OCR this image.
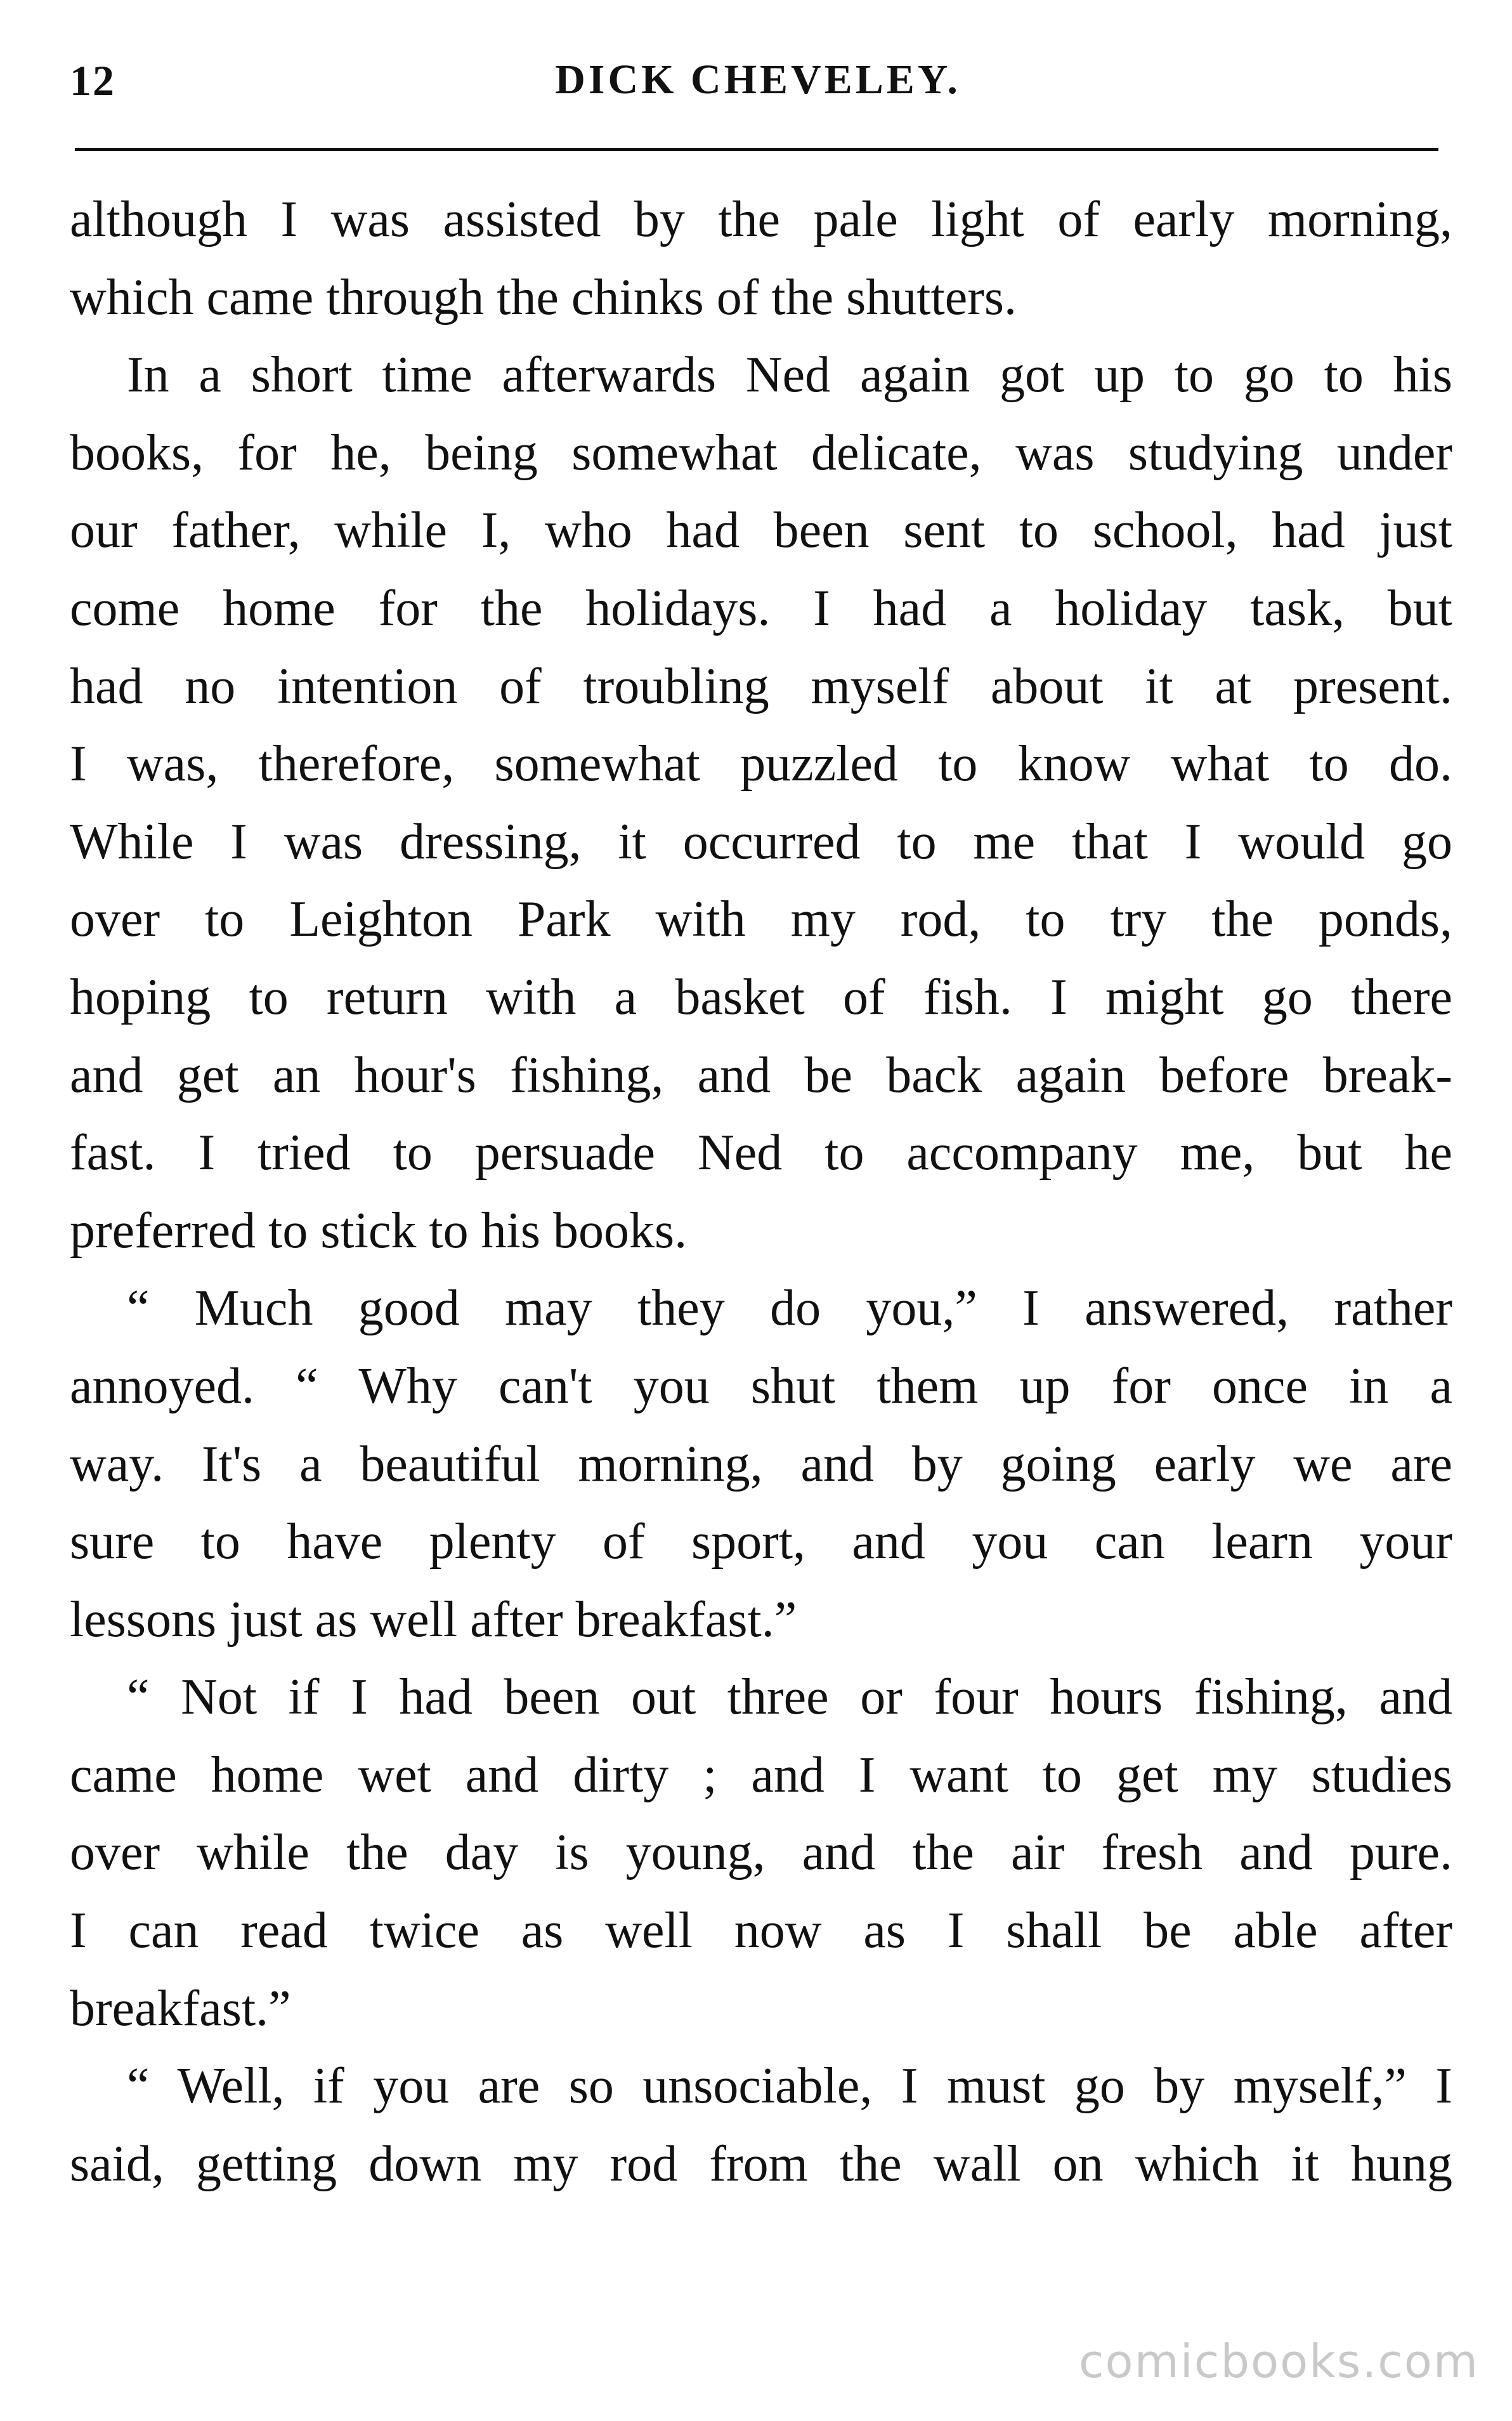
12	DICK CHEVELEY.
although I was assisted by the pale light of early morning,
which came through the chinks of the shutters.
In a short time afterwards Ned again got up to go to his
books, for he, being somewhat delicate, was studying under
our father, while I, who had been sent to school, had just
come home for the holidays. I had a holiday task, but
had no intention of troubling myself about it at present.
I was, therefore, somewhat puzzled to know what to do.
While I was dressing, it occurred to me that I would go
over to Leighton Park with my rod, to try the ponds,
hoping to return with a basket of fish. I might go there
and get an hour's fishing, and be back again before break-
fast. I tried to persuade Ned to accompany me, but he
preferred to stick to his books.
“ Much good may they do you,” I answered, rather
annoyed. “ Why can't you shut them up for once in a
way. It's a beautiful morning, and by going early we are
sure to have plenty of sport, and you can learn your
lessons just as well after breakfast.”
“ Not if I had been out three or four hours fishing, and
came home wet and dirty ; and I want to get my studies
over while the day is young, and the air fresh and pure.
I can read twice as well now as I shall be able after
breakfast.”
“ Well, if you are so unsociable, I must go by myself,” I
said, getting down my rod from the wall on which it hung
comicbooks.com
